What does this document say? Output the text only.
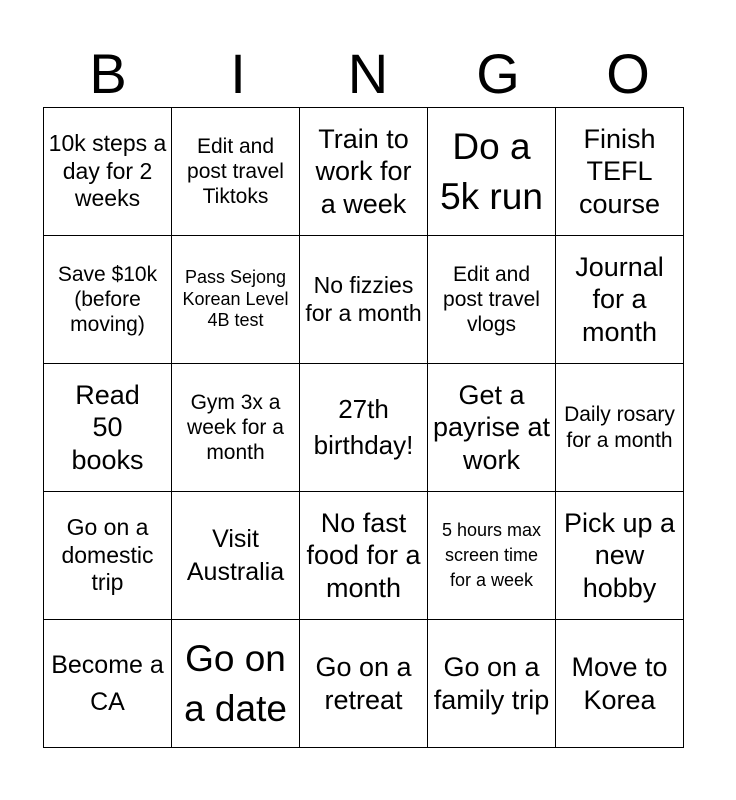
B	I	N	G	O
10k steps a day for 2 weeks	Edit and post travel Tiktoks	Train to work for a week	Do a 5k run	Finish TEFL course
Save $10k (before moving)	Pass Sejong Korean Level 4B test	No fizzies for a month	Edit and post travel vlogs	Journal for a month
Read 50 books	Gym 3x a week for a month	27th birthday!	Get a payrise at work	Daily rosary for a month
Go on a domestic trip	Visit Australia	No fast food for a month	5 hours max screen time for a week	Pick up a new hobby
Become a CA	Go on a date	Go on a retreat	Go on a family trip	Move to Korea
